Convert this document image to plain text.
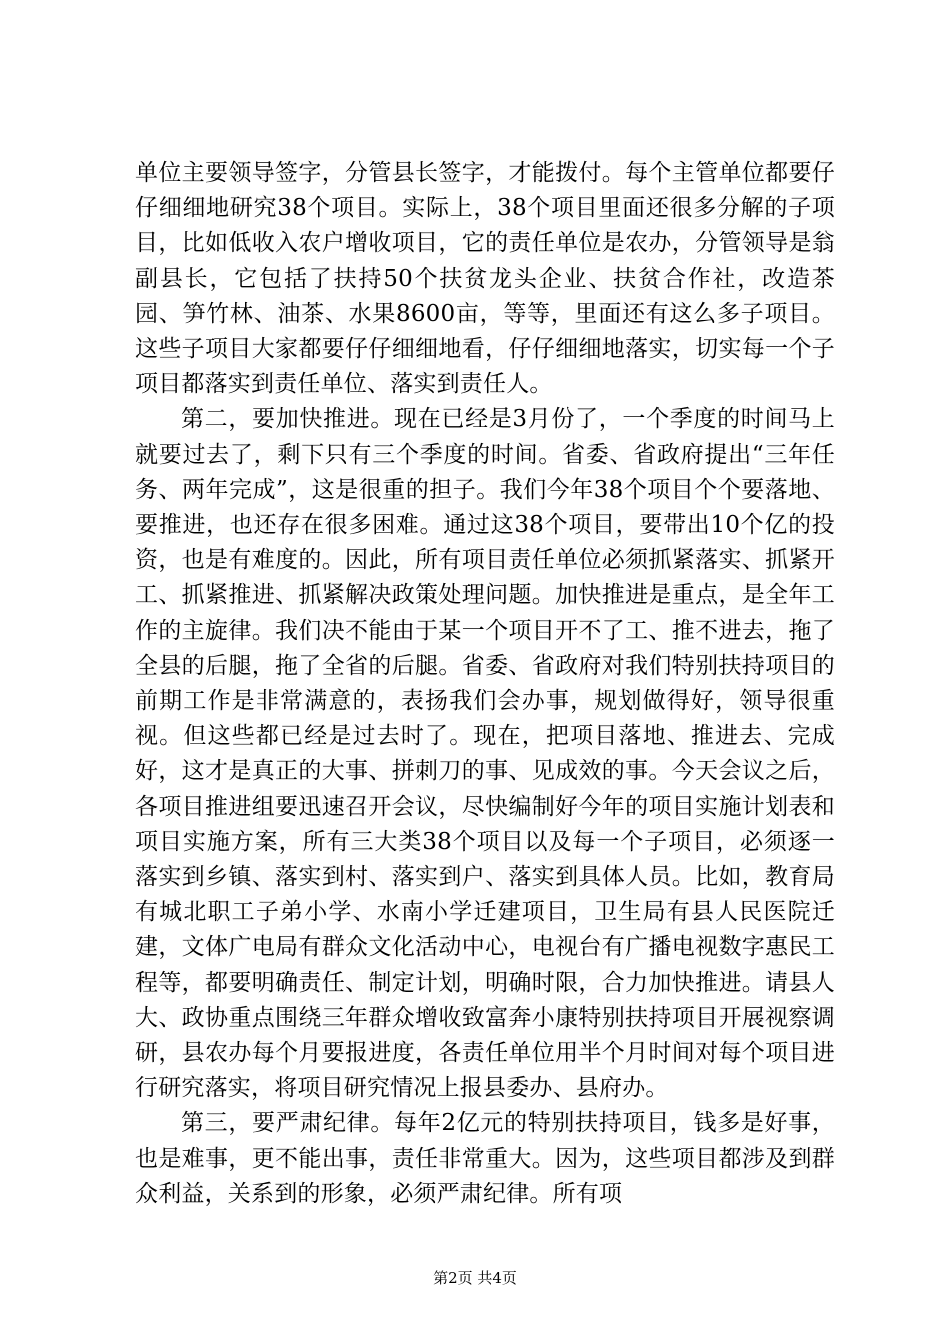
单位主要领导签字，分管县长签字，才能拨付。每个主管单位都要仔仔细细地研究38个项目。实际上，38个项目里面还很多分解的子项目，比如低收入农户增收项目，它的责任单位是农办，分管领导是翁副县长，它包括了扶持50个扶贫龙头企业、扶贫合作社，改造茶园、笋竹林、油茶、水果8600亩，等等，里面还有这么多子项目。这些子项目大家都要仔仔细细地看，仔仔细细地落实，切实每一个子项目都落实到责任单位、落实到责任人。

第二，要加快推进。现在已经是3月份了，一个季度的时间马上就要过去了，剩下只有三个季度的时间。省委、省政府提出“三年任务、两年完成”，这是很重的担子。我们今年38个项目个个要落地、要推进，也还存在很多困难。通过这38个项目，要带出10个亿的投资，也是有难度的。因此，所有项目责任单位必须抓紧落实、抓紧开工、抓紧推进、抓紧解决政策处理问题。加快推进是重点，是全年工作的主旋律。我们决不能由于某一个项目开不了工、推不进去，拖了全县的后腿，拖了全省的后腿。省委、省政府对我们特别扶持项目的前期工作是非常满意的，表扬我们会办事，规划做得好，领导很重视。但这些都已经是过去时了。现在，把项目落地、推进去、完成好，这才是真正的大事、拼刺刀的事、见成效的事。今天会议之后，各项目推进组要迅速召开会议，尽快编制好今年的项目实施计划表和项目实施方案，所有三大类38个项目以及每一个子项目，必须逐一落实到乡镇、落实到村、落实到户、落实到具体人员。比如，教育局有城北职工子弟小学、水南小学迁建项目，卫生局有县人民医院迁建，文体广电局有群众文化活动中心，电视台有广播电视数字惠民工程等，都要明确责任、制定计划，明确时限，合力加快推进。请县人大、政协重点围绕三年群众增收致富奔小康特别扶持项目开展视察调研，县农办每个月要报进度，各责任单位用半个月时间对每个项目进行研究落实，将项目研究情况上报县委办、县府办。

第三，要严肃纪律。每年2亿元的特别扶持项目，钱多是好事，也是难事，更不能出事，责任非常重大。因为，这些项目都涉及到群众利益，关系到的形象，必须严肃纪律。所有项

第2页 共4页
